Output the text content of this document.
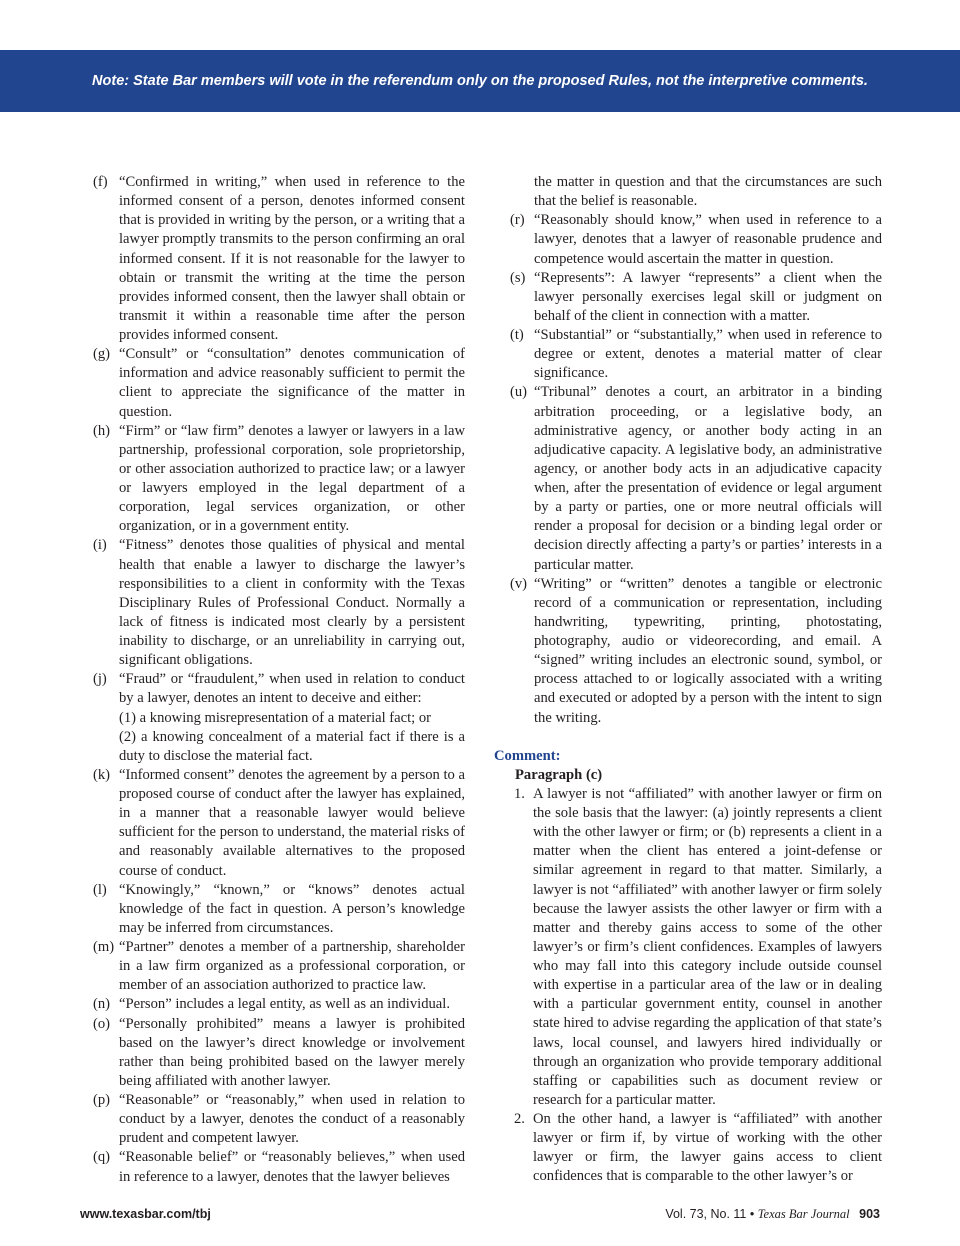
Note: State Bar members will vote in the referendum only on the proposed Rules, not the interpretive comments.
(f) “Confirmed in writing,” when used in reference to the informed consent of a person, denotes informed consent that is provided in writing by the person, or a writing that a lawyer promptly transmits to the person confirming an oral informed consent. If it is not reasonable for the lawyer to obtain or transmit the writing at the time the person provides informed consent, then the lawyer shall obtain or transmit it within a reasonable time after the person provides informed consent.
(g) “Consult” or “consultation” denotes communication of information and advice reasonably sufficient to permit the client to appreciate the significance of the matter in question.
(h) “Firm” or “law firm” denotes a lawyer or lawyers in a law partnership, professional corporation, sole proprietorship, or other association authorized to practice law; or a lawyer or lawyers employed in the legal department of a corporation, legal services organization, or other organization, or in a government entity.
(i) “Fitness” denotes those qualities of physical and mental health that enable a lawyer to discharge the lawyer’s responsibilities to a client in conformity with the Texas Disciplinary Rules of Professional Conduct. Normally a lack of fitness is indicated most clearly by a persistent inability to discharge, or an unreliability in carrying out, significant obligations.
(j) “Fraud” or “fraudulent,” when used in relation to conduct by a lawyer, denotes an intent to deceive and either:
(1) a knowing misrepresentation of a material fact; or
(2) a knowing concealment of a material fact if there is a duty to disclose the material fact.
(k) “Informed consent” denotes the agreement by a person to a proposed course of conduct after the lawyer has explained, in a manner that a reasonable lawyer would believe sufficient for the person to understand, the material risks of and reasonably available alternatives to the proposed course of conduct.
(l) “Knowingly,” “known,” or “knows” denotes actual knowledge of the fact in question. A person’s knowledge may be inferred from circumstances.
(m) “Partner” denotes a member of a partnership, shareholder in a law firm organized as a professional corporation, or member of an association authorized to practice law.
(n) “Person” includes a legal entity, as well as an individual.
(o) “Personally prohibited” means a lawyer is prohibited based on the lawyer’s direct knowledge or involvement rather than being prohibited based on the lawyer merely being affiliated with another lawyer.
(p) “Reasonable” or “reasonably,” when used in relation to conduct by a lawyer, denotes the conduct of a reasonably prudent and competent lawyer.
(q) “Reasonable belief” or “reasonably believes,” when used in reference to a lawyer, denotes that the lawyer believes
the matter in question and that the circumstances are such that the belief is reasonable.
(r) “Reasonably should know,” when used in reference to a lawyer, denotes that a lawyer of reasonable prudence and competence would ascertain the matter in question.
(s) “Represents”: A lawyer “represents” a client when the lawyer personally exercises legal skill or judgment on behalf of the client in connection with a matter.
(t) “Substantial” or “substantially,” when used in reference to degree or extent, denotes a material matter of clear significance.
(u) “Tribunal” denotes a court, an arbitrator in a binding arbitration proceeding, or a legislative body, an administrative agency, or another body acting in an adjudicative capacity. A legislative body, an administrative agency, or another body acts in an adjudicative capacity when, after the presentation of evidence or legal argument by a party or parties, one or more neutral officials will render a proposal for decision or a binding legal order or decision directly affecting a party’s or parties’ interests in a particular matter.
(v) “Writing” or “written” denotes a tangible or electronic record of a communication or representation, including handwriting, typewriting, printing, photostating, photography, audio or videorecording, and email. A “signed” writing includes an electronic sound, symbol, or process attached to or logically associated with a writing and executed or adopted by a person with the intent to sign the writing.
Comment:
Paragraph (c)
1. A lawyer is not “affiliated” with another lawyer or firm on the sole basis that the lawyer: (a) jointly represents a client with the other lawyer or firm; or (b) represents a client in a matter when the client has entered a joint-defense or similar agreement in regard to that matter. Similarly, a lawyer is not “affiliated” with another lawyer or firm solely because the lawyer assists the other lawyer or firm with a matter and thereby gains access to some of the other lawyer’s or firm’s client confidences. Examples of lawyers who may fall into this category include outside counsel with expertise in a particular area of the law or in dealing with a particular government entity, counsel in another state hired to advise regarding the application of that state’s laws, local counsel, and lawyers hired individually or through an organization who provide temporary additional staffing or capabilities such as document review or research for a particular matter.
2. On the other hand, a lawyer is “affiliated” with another lawyer or firm if, by virtue of working with the other lawyer or firm, the lawyer gains access to client confidences that is comparable to the other lawyer’s or
www.texasbar.com/tbj	Vol. 73, No. 11 • Texas Bar Journal 903
